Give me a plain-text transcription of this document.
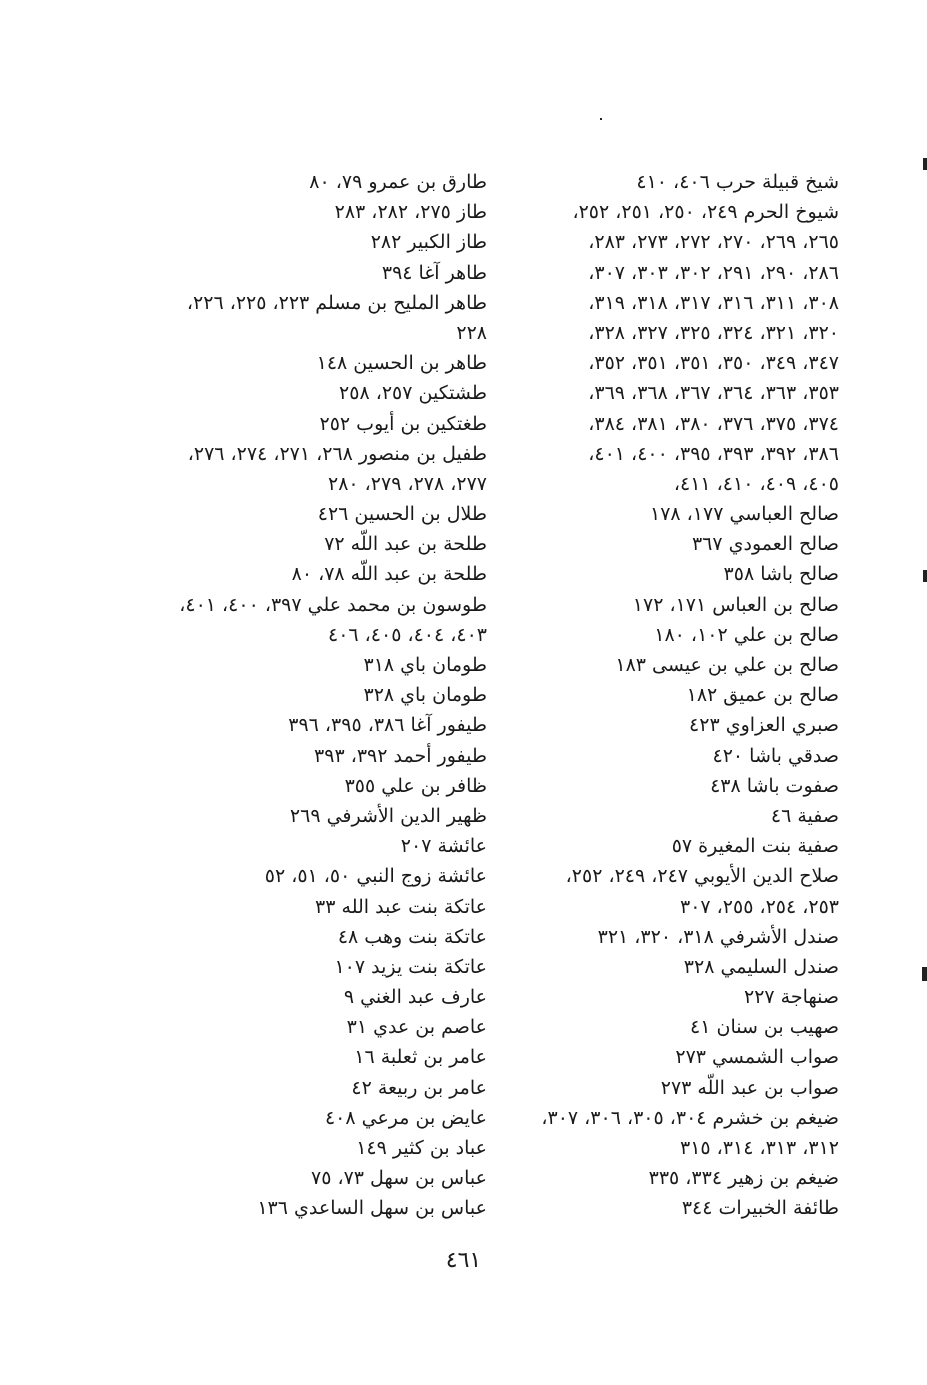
شيخ قبيلة حرب ٤٠٦، ٤١٠
شيوخ الحرم ٢٤٩، ٢٥٠، ٢٥١، ٢٥٢،
٢٦٥، ٢٦٩، ٢٧٠، ٢٧٢، ٢٧٣، ٢٨٣،
٢٨٦، ٢٩٠، ٢٩١، ٣٠٢، ٣٠٣، ٣٠٧،
٣٠٨، ٣١١، ٣١٦، ٣١٧، ٣١٨، ٣١٩،
٣٢٠، ٣٢١، ٣٢٤، ٣٢٥، ٣٢٧، ٣٢٨،
٣٤٧، ٣٤٩، ٣٥٠، ٣٥١، ٣٥١، ٣٥٢،
٣٥٣، ٣٦٣، ٣٦٤، ٣٦٧، ٣٦٨، ٣٦٩،
٣٧٤، ٣٧٥، ٣٧٦، ٣٨٠، ٣٨١، ٣٨٤،
٣٨٦، ٣٩٢، ٣٩٣، ٣٩٥، ٤٠٠، ٤٠١،
٤٠٥، ٤٠٩، ٤١٠، ٤١١،
صالح العباسي ١٧٧، ١٧٨
صالح العمودي ٣٦٧
صالح باشا ٣٥٨
صالح بن العباس ١٧١، ١٧٢
صالح بن علي ١٠٢، ١٨٠
صالح بن علي بن عيسى ١٨٣
صالح بن عميق ١٨٢
صبري العزاوي ٤٢٣
صدقي باشا ٤٢٠
صفوت باشا ٤٣٨
صفية ٤٦
صفية بنت المغيرة ٥٧
صلاح الدين الأيوبي ٢٤٧، ٢٤٩، ٢٥٢،
٢٥٣، ٢٥٤، ٢٥٥، ٣٠٧
صندل الأشرفي ٣١٨، ٣٢٠، ٣٢١
صندل السليمي ٣٢٨
صنهاجة ٢٢٧
صهيب بن سنان ٤١
صواب الشمسي ٢٧٣
صواب بن عبد اللّه ٢٧٣
ضيغم بن خشرم ٣٠٤، ٣٠٥، ٣٠٦، ٣٠٧،
٣١٢، ٣١٣، ٣١٤، ٣١٥
ضيغم بن زهير ٣٣٤، ٣٣٥
طائفة الخبيرات ٣٤٤
طارق بن عمرو ٧٩، ٨٠
طاز ٢٧٥، ٢٨٢، ٢٨٣
طاز الكبير ٢٨٢
طاهر آغا ٣٩٤
طاهر المليح بن مسلم ٢٢٣، ٢٢٥، ٢٢٦،
٢٢٨
طاهر بن الحسين ١٤٨
طشتكين ٢٥٧، ٢٥٨
طغتكين بن أيوب ٢٥٢
طفيل بن منصور ٢٦٨، ٢٧١، ٢٧٤، ٢٧٦،
٢٧٧، ٢٧٨، ٢٧٩، ٢٨٠
طلال بن الحسين ٤٢٦
طلحة بن عبد اللّه ٧٢
طلحة بن عبد اللّه ٧٨، ٨٠
طوسون بن محمد علي ٣٩٧، ٤٠٠، ٤٠١،
٤٠٣، ٤٠٤، ٤٠٥، ٤٠٦
طومان باي ٣١٨
طومان باي ٣٢٨
طيفور آغا ٣٨٦، ٣٩٥، ٣٩٦
طيفور أحمد ٣٩٢، ٣٩٣
ظافر بن علي ٣٥٥
ظهير الدين الأشرفي ٢٦٩
عائشة ٢٠٧
عائشة زوج النبي ٥٠، ٥١، ٥٢
عاتكة بنت عبد الله ٣٣
عاتكة بنت وهب ٤٨
عاتكة بنت يزيد ١٠٧
عارف عبد الغني ٩
عاصم بن عدي ٣١
عامر بن ثعلبة ١٦
عامر بن ربيعة ٤٢
عايض بن مرعي ٤٠٨
عباد بن كثير ١٤٩
عباس بن سهل ٧٣، ٧٥
عباس بن سهل الساعدي ١٣٦
٤٦١
